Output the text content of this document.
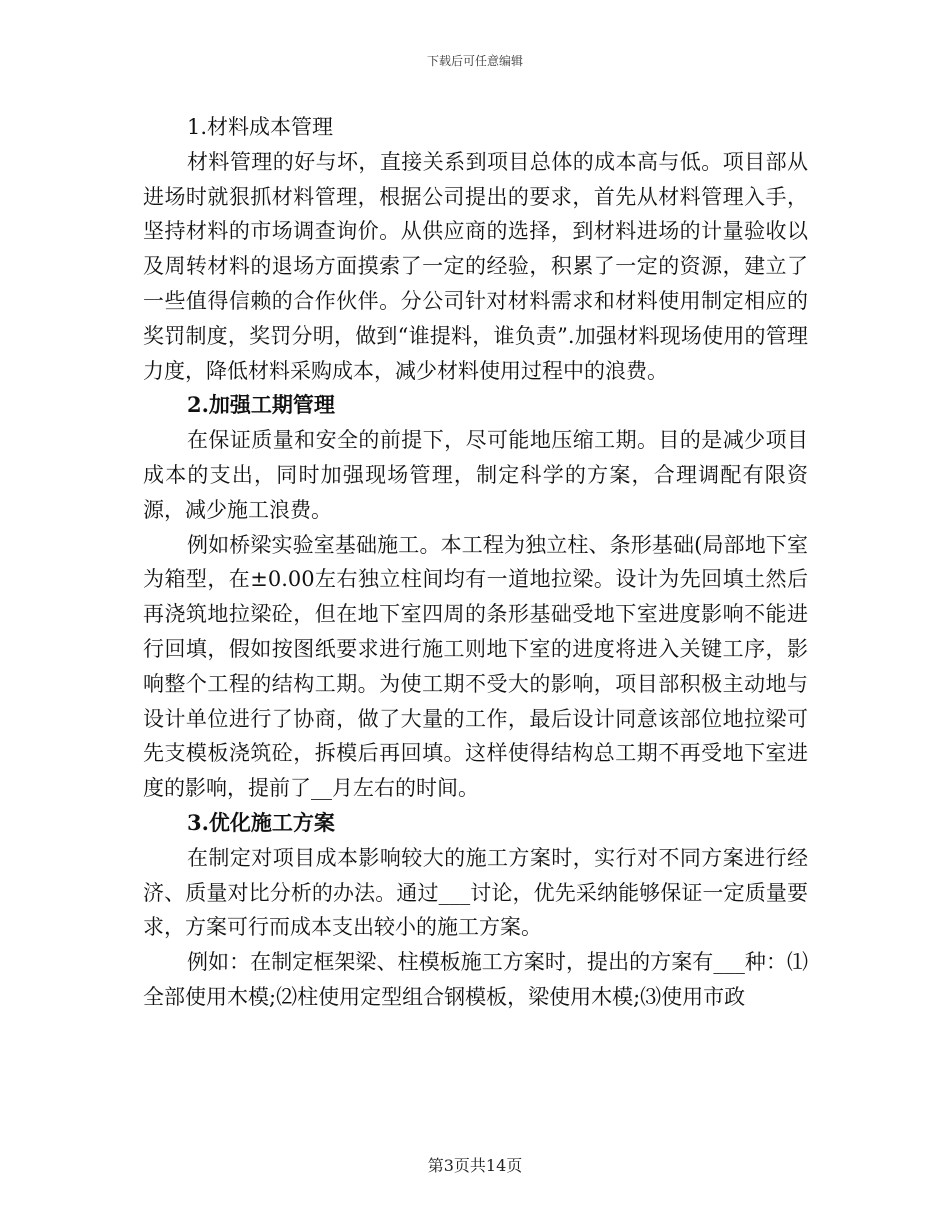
下载后可任意编辑

1.材料成本管理

材料管理的好与坏，直接关系到项目总体的成本高与低。项目部从进场时就狠抓材料管理，根据公司提出的要求，首先从材料管理入手，坚持材料的市场调查询价。从供应商的选择，到材料进场的计量验收以及周转材料的退场方面摸索了一定的经验，积累了一定的资源，建立了一些值得信赖的合作伙伴。分公司针对材料需求和材料使用制定相应的奖罚制度，奖罚分明，做到“谁提料，谁负责”.加强材料现场使用的管理力度，降低材料采购成本，减少材料使用过程中的浪费。

2.加强工期管理

在保证质量和安全的前提下，尽可能地压缩工期。目的是减少项目成本的支出，同时加强现场管理，制定科学的方案，合理调配有限资源，减少施工浪费。

例如桥梁实验室基础施工。本工程为独立柱、条形基础(局部地下室为箱型，在±0.00左右独立柱间均有一道地拉梁。设计为先回填土然后再浇筑地拉梁砼，但在地下室四周的条形基础受地下室进度影响不能进行回填，假如按图纸要求进行施工则地下室的进度将进入关键工序，影响整个工程的结构工期。为使工期不受大的影响，项目部积极主动地与设计单位进行了协商，做了大量的工作，最后设计同意该部位地拉梁可先支模板浇筑砼，拆模后再回填。这样使得结构总工期不再受地下室进度的影响，提前了__月左右的时间。

3.优化施工方案

在制定对项目成本影响较大的施工方案时，实行对不同方案进行经济、质量对比分析的办法。通过___讨论，优先采纳能够保证一定质量要求，方案可行而成本支出较小的施工方案。

例如：在制定框架梁、柱模板施工方案时，提出的方案有___种：⑴全部使用木模;⑵柱使用定型组合钢模板，梁使用木模;⑶使用市政

第3页共14页
